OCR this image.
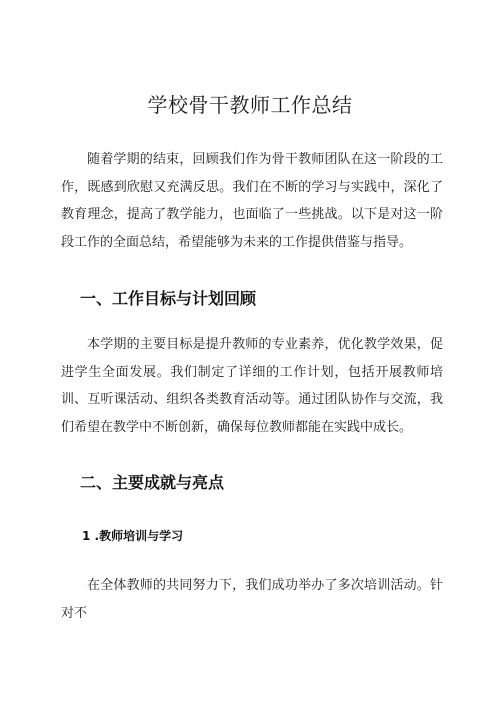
学校骨干教师工作总结

随着学期的结束，回顾我们作为骨干教师团队在这一阶段的工作，既感到欣慰又充满反思。我们在不断的学习与实践中，深化了教育理念，提高了教学能力，也面临了一些挑战。以下是对这一阶段工作的全面总结，希望能够为未来的工作提供借鉴与指导。

一、工作目标与计划回顾

本学期的主要目标是提升教师的专业素养，优化教学效果，促进学生全面发展。我们制定了详细的工作计划，包括开展教师培训、互听课活动、组织各类教育活动等。通过团队协作与交流，我们希望在教学中不断创新，确保每位教师都能在实践中成长。

二、主要成就与亮点
1 .教师培训与学习

在全体教师的共同努力下，我们成功举办了多次培训活动。针对不
